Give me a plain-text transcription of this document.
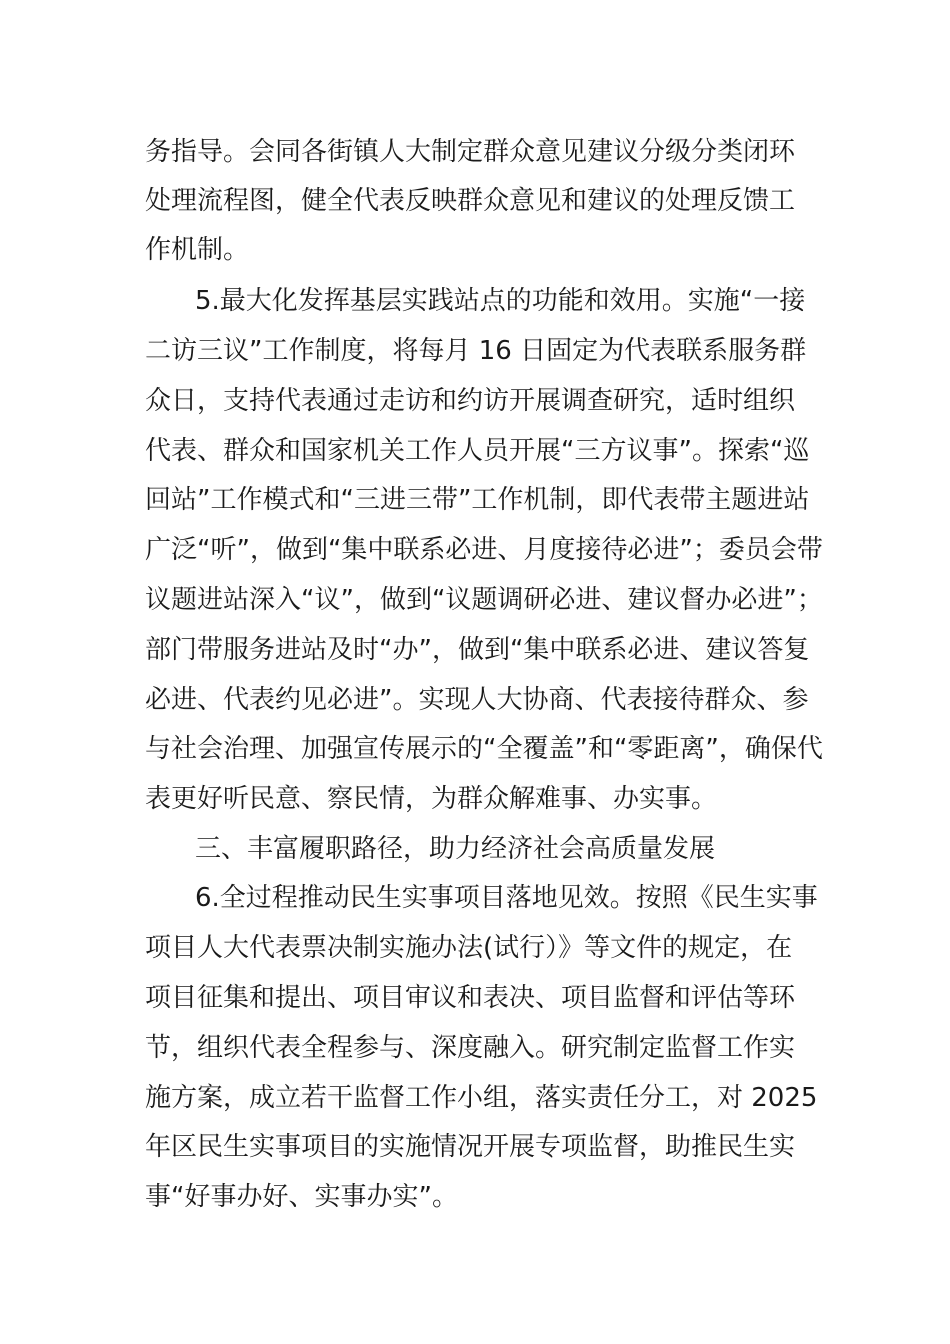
务指导。会同各街镇人大制定群众意见建议分级分类闭环
处理流程图，健全代表反映群众意见和建议的处理反馈工
作机制。
5.最大化发挥基层实践站点的功能和效用。实施“一接
二访三议”工作制度，将每月 16 日固定为代表联系服务群
众日，支持代表通过走访和约访开展调查研究，适时组织
代表、群众和国家机关工作人员开展“三方议事”。探索“巡
回站”工作模式和“三进三带”工作机制，即代表带主题进站
广泛“听”，做到“集中联系必进、月度接待必进”；委员会带
议题进站深入“议”，做到“议题调研必进、建议督办必进”；
部门带服务进站及时“办”，做到“集中联系必进、建议答复
必进、代表约见必进”。实现人大协商、代表接待群众、参
与社会治理、加强宣传展示的“全覆盖”和“零距离”，确保代
表更好听民意、察民情，为群众解难事、办实事。
三、丰富履职路径，助力经济社会高质量发展
6.全过程推动民生实事项目落地见效。按照《民生实事
项目人大代表票决制实施办法(试行）》等文件的规定，在
项目征集和提出、项目审议和表决、项目监督和评估等环
节，组织代表全程参与、深度融入。研究制定监督工作实
施方案，成立若干监督工作小组，落实责任分工，对 2025
年区民生实事项目的实施情况开展专项监督，助推民生实
事“好事办好、实事办实”。
